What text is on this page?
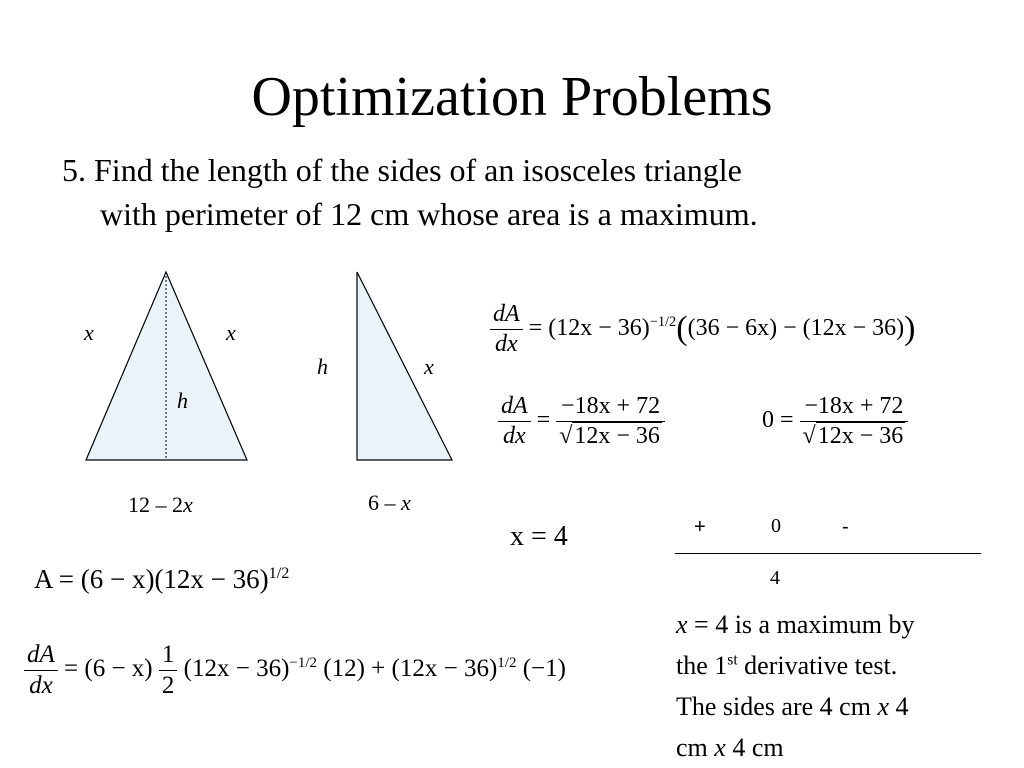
Optimization Problems
5. Find the length of the sides of an isosceles triangle
with perimeter of 12 cm whose area is a maximum.
x	x
h
12 – 2x
h	x
6 – x
$\frac{dA}{dx} = (12x - 36)^{-1/2}((36 - 6x) - (12x - 36))$
$\frac{dA}{dx} = \frac{-18x + 72}{√12x - 36}$	$0 = \frac{-18x + 72}{√12x - 36}$
x = 4	+	0	-
4
$A = (6 - x)(12x - 36)^{1/2}$
$\frac{dA}{dx} = (6 - x) \frac{1}{2} (12x - 36)^{-1/2}$ $(12) + (12x - 36)^{1/2}$ (−1)
x = 4 is a maximum by
the 1st derivative test.
The sides are 4 cm x 4
cm x 4 cm
